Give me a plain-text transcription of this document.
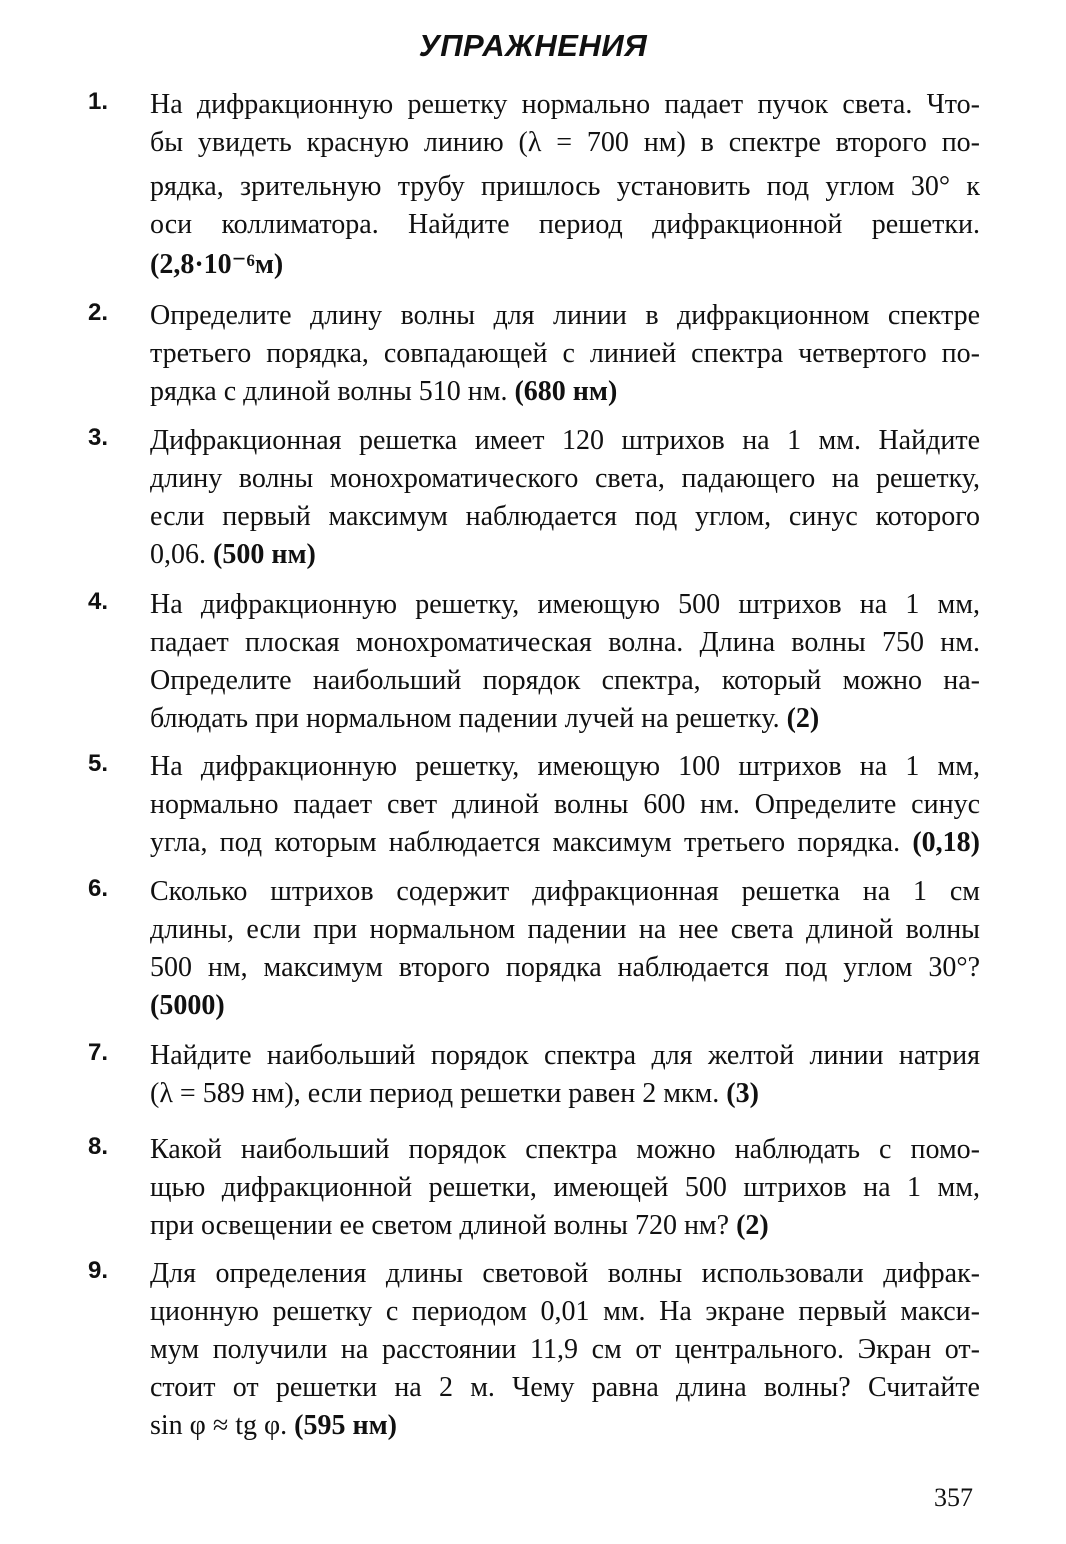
УПРАЖНЕНИЯ
1. На дифракционную решетку нормально падает пучок света. Что-
бы увидеть красную линию (λ = 700 нм) в спектре второго по-
рядка, зрительную трубу пришлось установить под углом 30° к
оси коллиматора. Найдите период дифракционной решетки.
(2,8·10⁻⁶м)
2. Определите длину волны для линии в дифракционном спектре
третьего порядка, совпадающей с линией спектра четвертого по-
рядка с длиной волны 510 нм. (680 нм)
3. Дифракционная решетка имеет 120 штрихов на 1 мм. Найдите
длину волны монохроматического света, падающего на решетку,
если первый максимум наблюдается под углом, синус которого
0,06. (500 нм)
4. На дифракционную решетку, имеющую 500 штрихов на 1 мм,
падает плоская монохроматическая волна. Длина волны 750 нм.
Определите наибольший порядок спектра, который можно на-
блюдать при нормальном падении лучей на решетку. (2)
5. На дифракционную решетку, имеющую 100 штрихов на 1 мм,
нормально падает свет длиной волны 600 нм. Определите синус
угла, под которым наблюдается максимум третьего порядка. (0,18)
6. Сколько штрихов содержит дифракционная решетка на 1 см
длины, если при нормальном падении на нее света длиной волны
500 нм, максимум второго порядка наблюдается под углом 30°?
(5000)
7. Найдите наибольший порядок спектра для желтой линии натрия
(λ = 589 нм), если период решетки равен 2 мкм. (3)
8. Какой наибольший порядок спектра можно наблюдать с помо-
щью дифракционной решетки, имеющей 500 штрихов на 1 мм,
при освещении ее светом длиной волны 720 нм? (2)
9. Для определения длины световой волны использовали дифрак-
ционную решетку с периодом 0,01 мм. На экране первый макси-
мум получили на расстоянии 11,9 см от центрального. Экран от-
стоит от решетки на 2 м. Чему равна длина волны? Считайте
sin φ ≈ tg φ. (595 нм)
357
